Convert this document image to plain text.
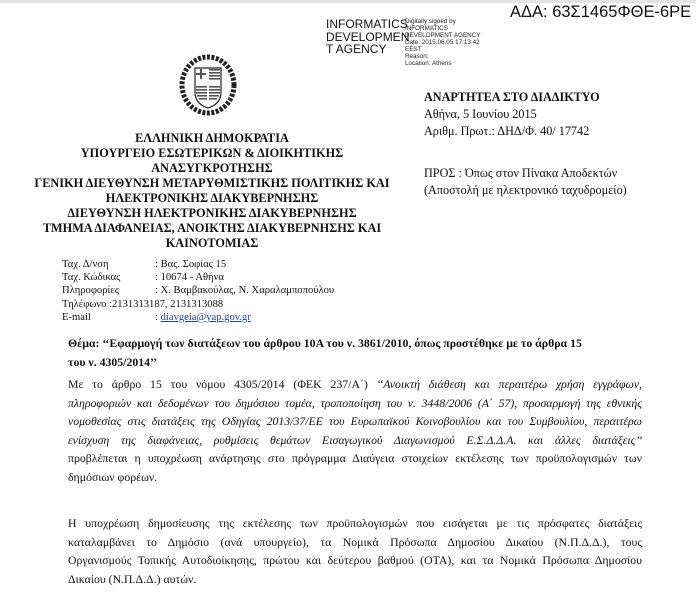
ΑΔΑ: 63Σ1465ΦΘΕ-6ΡΕ
INFORMATICS
DEVELOPMEN
T AGENCY
Digitally signed by
INFORMATICS
DEVELOPMENT AGENCY
Date: 2015.06.05 17:13:42
EEST
Reason:
Location: Athens
ΑΝΑΡΤΗΤΕΑ ΣΤΟ ΔΙΑΔΙΚΤΥΟ
Αθήνα, 5 Ιουνίου 2015
Αριθμ. Πρωτ.: ΔΗΔ/Φ. 40/ 17742
ΠΡΟΣ : Όπως στον Πίνακα Αποδεκτών
(Αποστολή με ηλεκτρονικό ταχυδρομείο)
ΕΛΛΗΝΙΚΗ ΔΗΜΟΚΡΑΤΙΑ
ΥΠΟΥΡΓΕΙΟ ΕΣΩΤΕΡΙΚΩΝ & ΔΙΟΙΚΗΤΙΚΗΣ
ΑΝΑΣΥΓΚΡΟΤΗΣΗΣ
ΓΕΝΙΚΗ ΔΙΕΥΘΥΝΣΗ ΜΕΤΑΡΥΘΜΙΣΤΙΚΗΣ ΠΟΛΙΤΙΚΗΣ ΚΑΙ
ΗΛΕΚΤΡΟΝΙΚΗΣ ΔΙΑΚΥΒΕΡΝΗΣΗΣ
ΔΙΕΥΘΥΝΣΗ ΗΛΕΚΤΡΟΝΙΚΗΣ ΔΙΑΚΥΒΕΡΝΗΣΗΣ
ΤΜΗΜΑ ΔΙΑΦΑΝΕΙΑΣ, ΑΝΟΙΚΤΗΣ ΔΙΑΚΥΒΕΡΝΗΣΗΣ ΚΑΙ
ΚΑΙΝΟΤΟΜΙΑΣ
Ταχ. Δ/νση	: Βας. Σοφίας 15
Ταχ. Κώδικας	: 10674 - Αθήνα
Πληροφορίες	: Χ. Βαμβακούλας, Ν. Χαραλαμποπούλου
Τηλέφωνο :2131313187, 2131313088
E-mail	: diavgeia@yap.gov.gr
Θέμα: ‘‘Εφαρμογή των διατάξεων του άρθρου 10Α του ν. 3861/2010, όπως προστέθηκε με το άρθρα 15
του ν. 4305/2014’’
Με το άρθρο 15 του νόμου 4305/2014 (ΦΕΚ 237/Α΄) ‘‘Ανοικτή διάθεση και περαιτέρω χρήση εγγράφων,
πληροφοριών και δεδομένων του δημόσιου τομέα, τροποποίηση του ν. 3448/2006 (Α΄ 57), προσαρμογή της εθνικής
νομοθεσίας στις διατάξεις της Οδηγίας 2013/37/ΕΕ του Ευρωπαϊκού Κοινοβουλίου και του Συμβουλίου, περαιτέρω
ενίσχυση της διαφάνειας, ρυθμίσεις θεμάτων Εισαγωγικού Διαγωνισμού Ε.Σ.Δ.Δ.Α. και άλλες διατάξεις’’
προβλέπεται η υποχρέωση ανάρτησης στο πρόγραμμα Διαύγεια στοιχείων εκτέλεσης των προϋπολογισμών των
δημόσιων φορέων.
Η υποχρέωση δημοσίευσης της εκτέλεσης των προϋπολογισμών που εισάγεται με τις πρόσφατες διατάξεις
καταλαμβάνει το Δημόσιο (ανά υπουργείο), τα Νομικά Πρόσωπα Δημοσίου Δικαίου (Ν.Π.Δ.Δ.), τους
Οργανισμούς Τοπικής Αυτοδιοίκησης, πρώτου και δεύτερου βαθμού (ΟΤΑ), και τα Νομικά Πρόσωπα Δημοσίου
Δικαίου (Ν.Π.Δ.Δ.) αυτών.
